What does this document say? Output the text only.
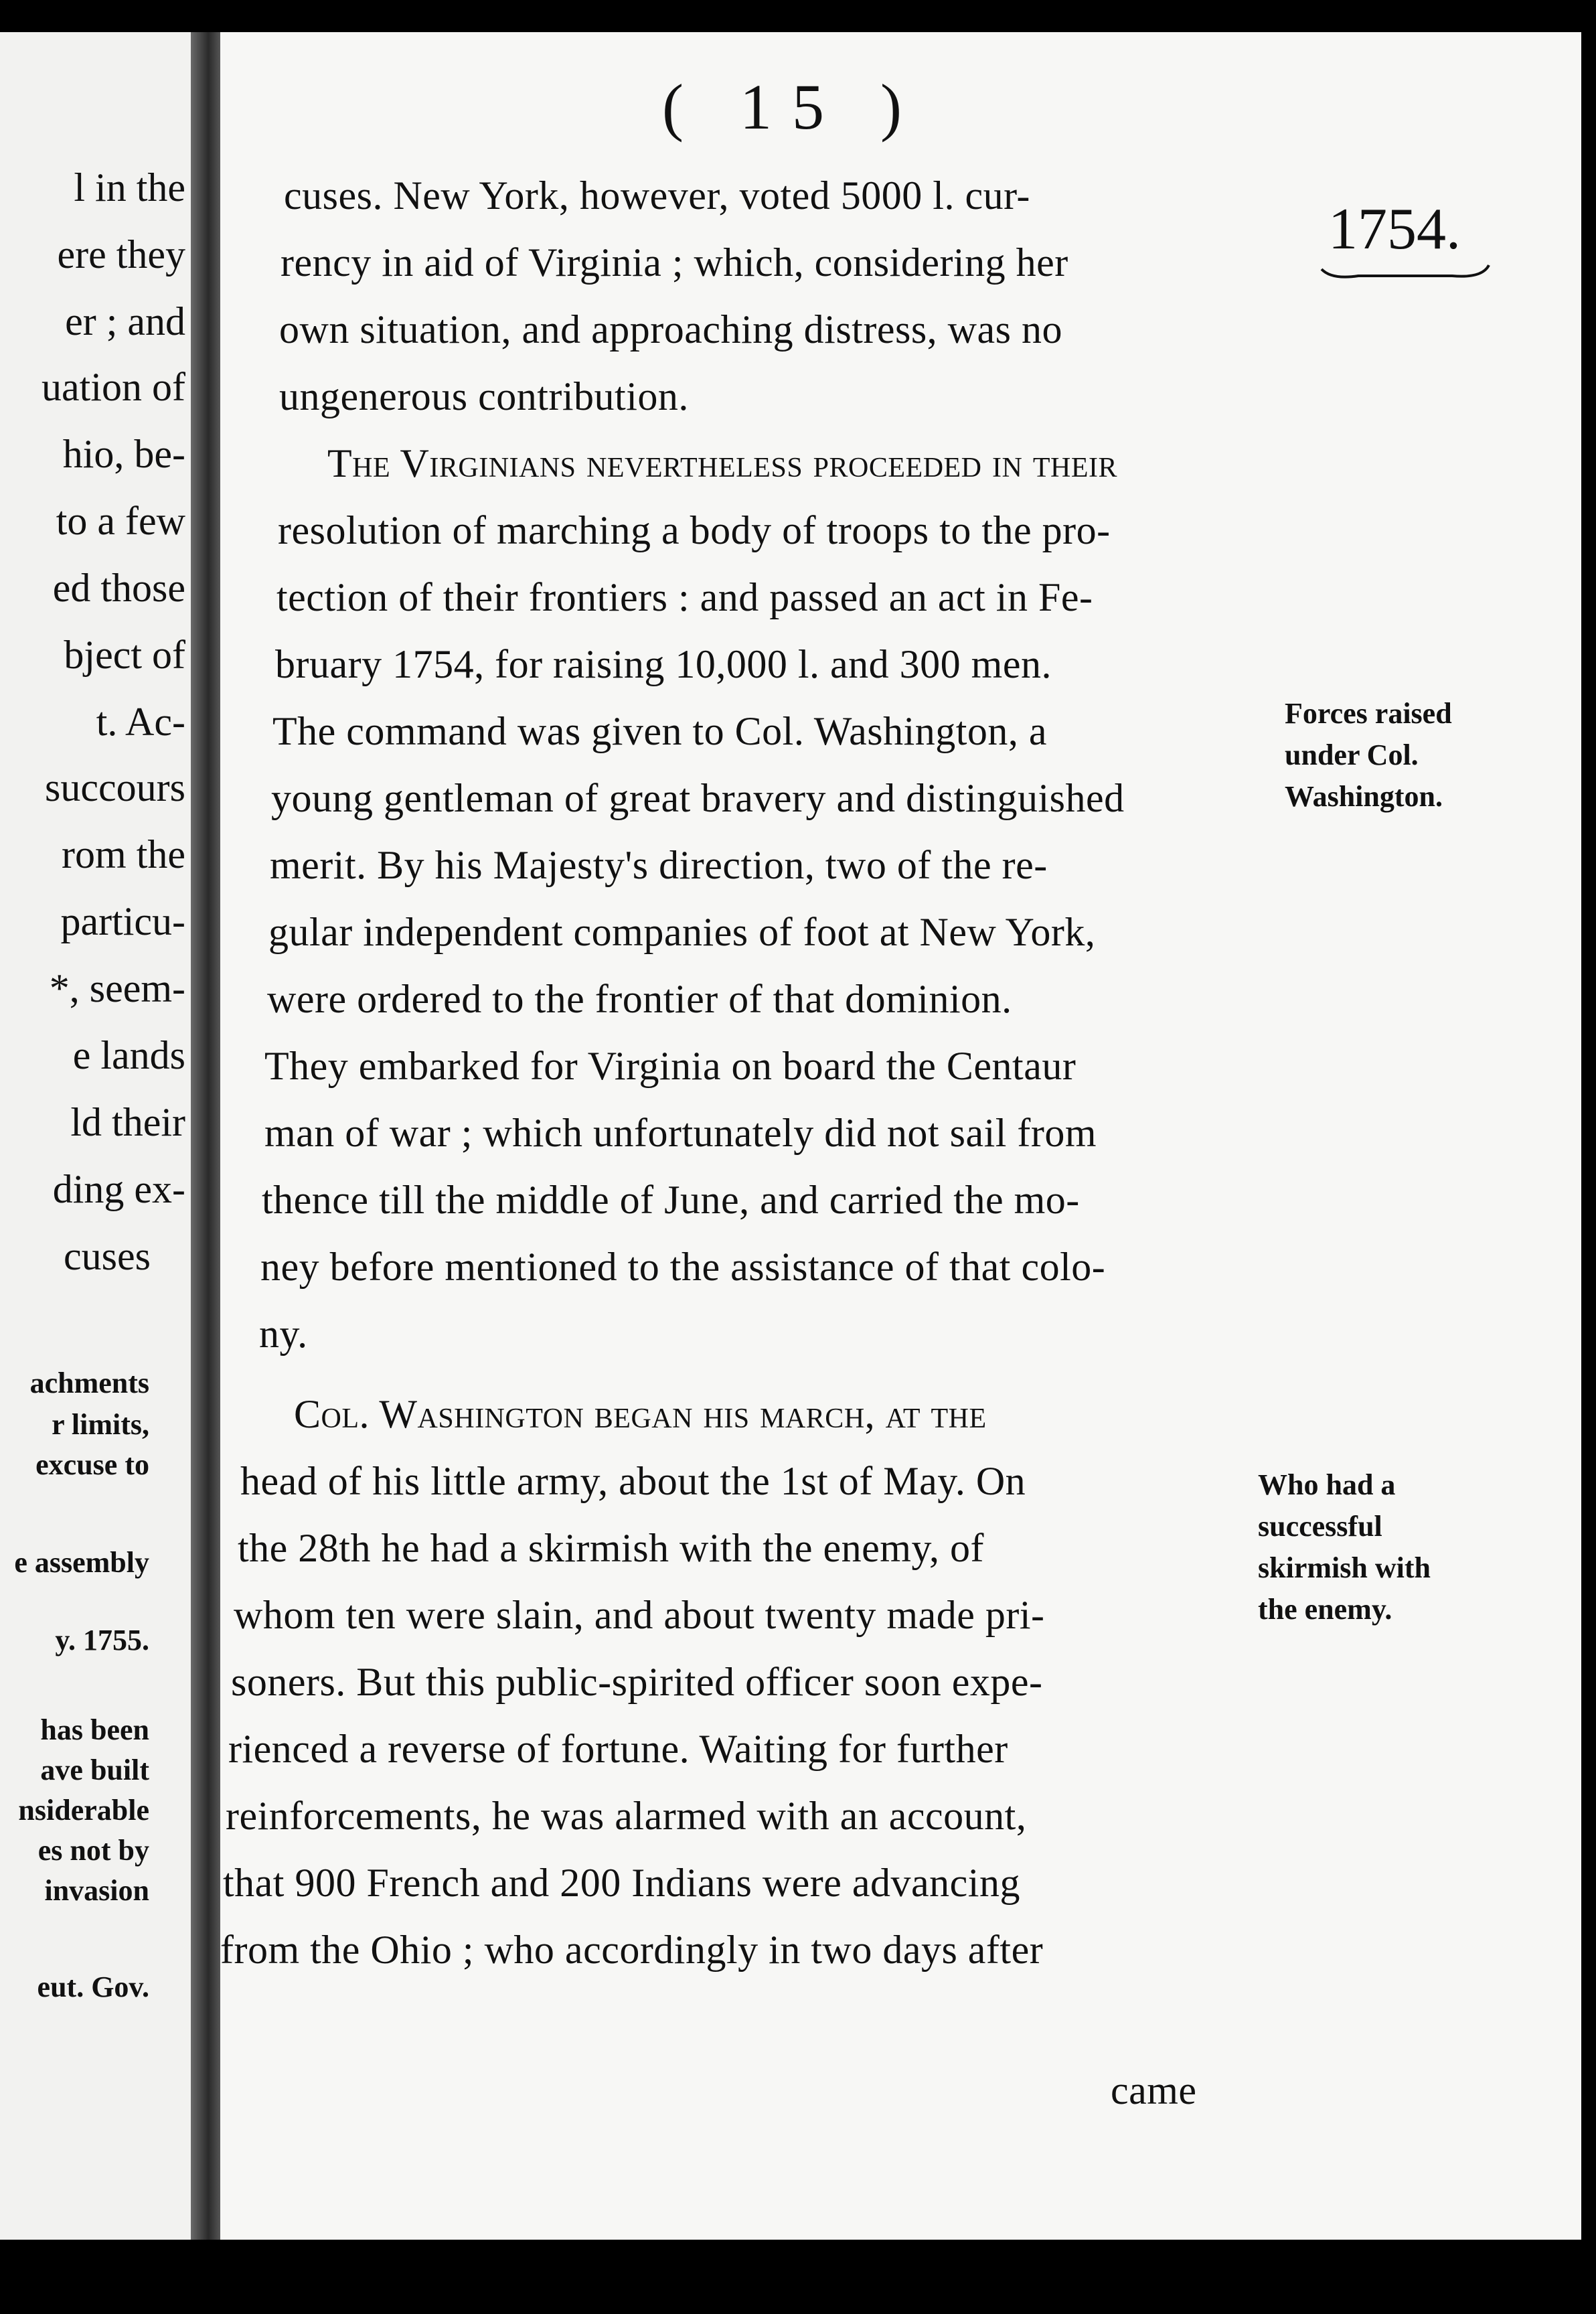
l in the
ere they
er ; and
uation of
hio, be-
to a few
ed those
bject of
t. Ac-
succours
rom the
particu-
*, seem-
e lands
ld their
ding ex-
cuses
achments
r limits,
excuse to
e assembly
y. 1755.
has been
ave built
nsiderable
es not by
invasion
eut. Gov.
( 15 )
1754.
cuses. New York, however, voted 5000 l. cur-
rency in aid of Virginia ; which, considering her
own situation, and approaching distress, was no
ungenerous contribution.
The Virginians nevertheless proceeded in their
resolution of marching a body of troops to the pro-
tection of their frontiers : and passed an act in Fe-
bruary 1754, for raising 10,000 l. and 300 men.
The command was given to Col. Washington, a
young gentleman of great bravery and distinguished
merit. By his Majesty's direction, two of the re-
gular independent companies of foot at New York,
were ordered to the frontier of that dominion.
They embarked for Virginia on board the Centaur
man of war ; which unfortunately did not sail from
thence till the middle of June, and carried the mo-
ney before mentioned to the assistance of that colo-
ny.
Col. Washington began his march, at the
head of his little army, about the 1st of May. On
the 28th he had a skirmish with the enemy, of
whom ten were slain, and about twenty made pri-
soners. But this public-spirited officer soon expe-
rienced a reverse of fortune. Waiting for further
reinforcements, he was alarmed with an account,
that 900 French and 200 Indians were advancing
from the Ohio ; who accordingly in two days after
came
Forces raised
under Col.
Washington.
Who had a
successful
skirmish with
the enemy.
